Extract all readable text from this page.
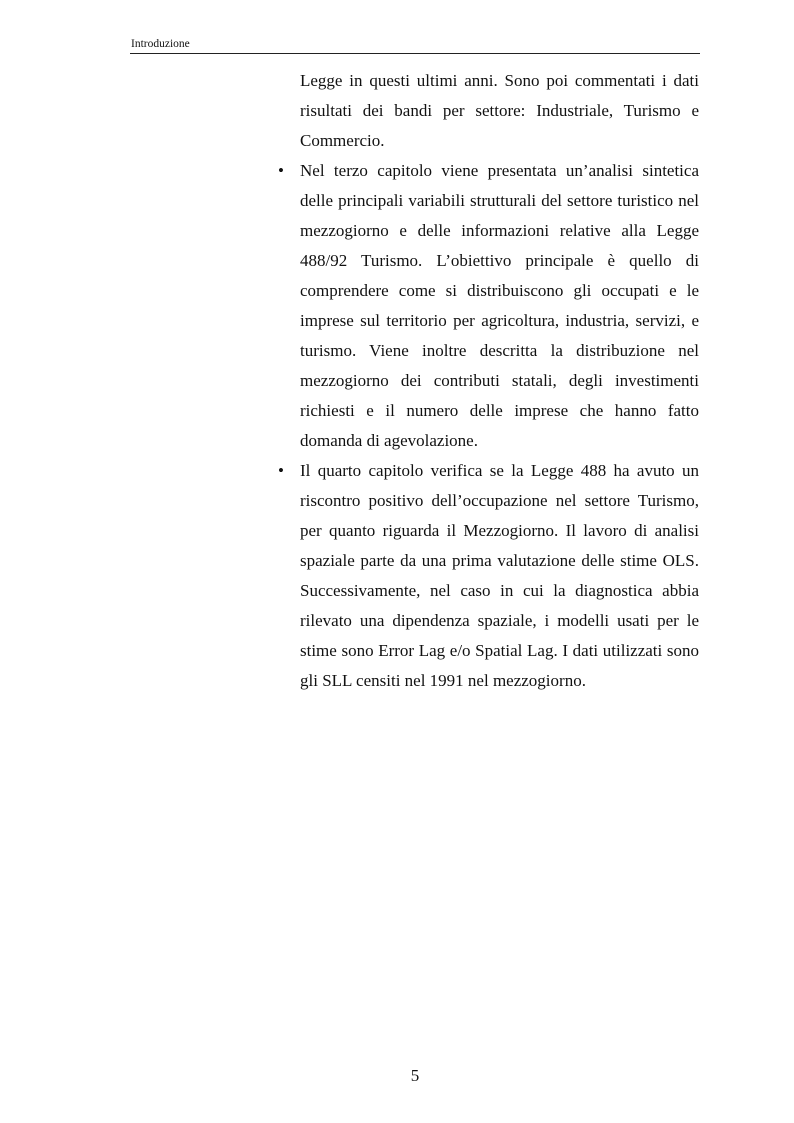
Introduzione

Legge in questi ultimi anni. Sono poi commentati i dati risultati dei bandi per settore: Industriale, Turismo e Commercio.

• Nel terzo capitolo viene presentata un’analisi sintetica delle principali variabili strutturali del settore turistico nel mezzogiorno e delle informazioni relative alla Legge 488/92 Turismo. L’obiettivo principale è quello di comprendere come si distribuiscono gli occupati e le imprese sul territorio per agricoltura, industria, servizi, e turismo. Viene inoltre descritta la distribuzione nel mezzogiorno dei contributi statali, degli investimenti richiesti e il numero delle imprese che hanno fatto domanda di agevolazione.
• Il quarto capitolo verifica se la Legge 488 ha avuto un riscontro positivo dell’occupazione nel settore Turismo, per quanto riguarda il Mezzogiorno. Il lavoro di analisi spaziale parte da una prima valutazione delle stime OLS. Successivamente, nel caso in cui la diagnostica abbia rilevato una dipendenza spaziale, i modelli usati per le stime sono Error Lag e/o Spatial Lag. I dati utilizzati sono gli SLL censiti nel 1991 nel mezzogiorno.
5
